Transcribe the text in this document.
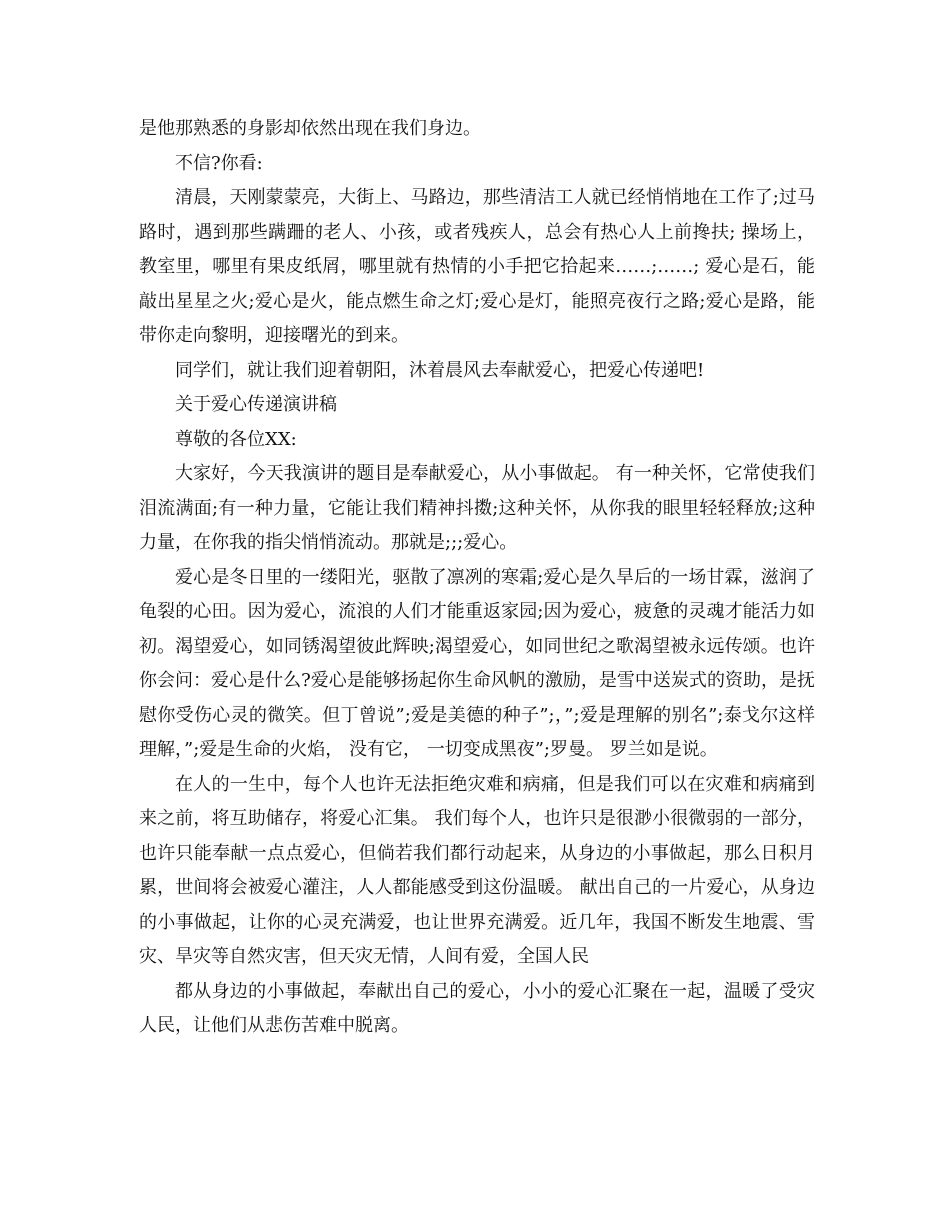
是他那熟悉的身影却依然出现在我们身边。

不信?你看:

清晨，天刚蒙蒙亮，大街上、马路边，那些清洁工人就已经悄悄地在工作了;过马路时，遇到那些蹒跚的老人、小孩，或者残疾人，总会有热心人上前搀扶; 操场上，教室里，哪里有果皮纸屑，哪里就有热情的小手把它拾起来……;……; 爱心是石，能敲出星星之火;爱心是火，能点燃生命之灯;爱心是灯，能照亮夜行之路;爱心是路，能带你走向黎明，迎接曙光的到来。

同学们，就让我们迎着朝阳，沐着晨风去奉献爱心，把爱心传递吧!

关于爱心传递演讲稿

尊敬的各位XX:

大家好，今天我演讲的题目是奉献爱心，从小事做起。 有一种关怀，它常使我们泪流满面;有一种力量，它能让我们精神抖擞;这种关怀，从你我的眼里轻轻释放;这种力量，在你我的指尖悄悄流动。那就是;;;爱心。

爱心是冬日里的一缕阳光，驱散了凛冽的寒霜;爱心是久旱后的一场甘霖，滋润了龟裂的心田。因为爱心，流浪的人们才能重返家园;因为爱心，疲惫的灵魂才能活力如初。渴望爱心，如同锈渴望彼此辉映;渴望爱心，如同世纪之歌渴望被永远传颂。也许你会问：爱心是什么?爱心是能够扬起你生命风帆的激励，是雪中送炭式的资助，是抚慰你受伤心灵的微笑。但丁曾说”;爱是美德的种子”;，”;爱是理解的别名”;泰戈尔这样理解，”;爱是生命的火焰， 没有它， 一切变成黑夜”;罗曼。 罗兰如是说。

在人的一生中，每个人也许无法拒绝灾难和病痛，但是我们可以在灾难和病痛到来之前，将互助储存，将爱心汇集。 我们每个人，也许只是很渺小很微弱的一部分，也许只能奉献一点点爱心，但倘若我们都行动起来，从身边的小事做起，那么日积月累，世间将会被爱心灌注，人人都能感受到这份温暖。 献出自己的一片爱心，从身边的小事做起，让你的心灵充满爱，也让世界充满爱。近几年，我国不断发生地震、雪灾、旱灾等自然灾害，但天灾无情，人间有爱，全国人民

都从身边的小事做起，奉献出自己的爱心，小小的爱心汇聚在一起，温暖了受灾人民，让他们从悲伤苦难中脱离。
